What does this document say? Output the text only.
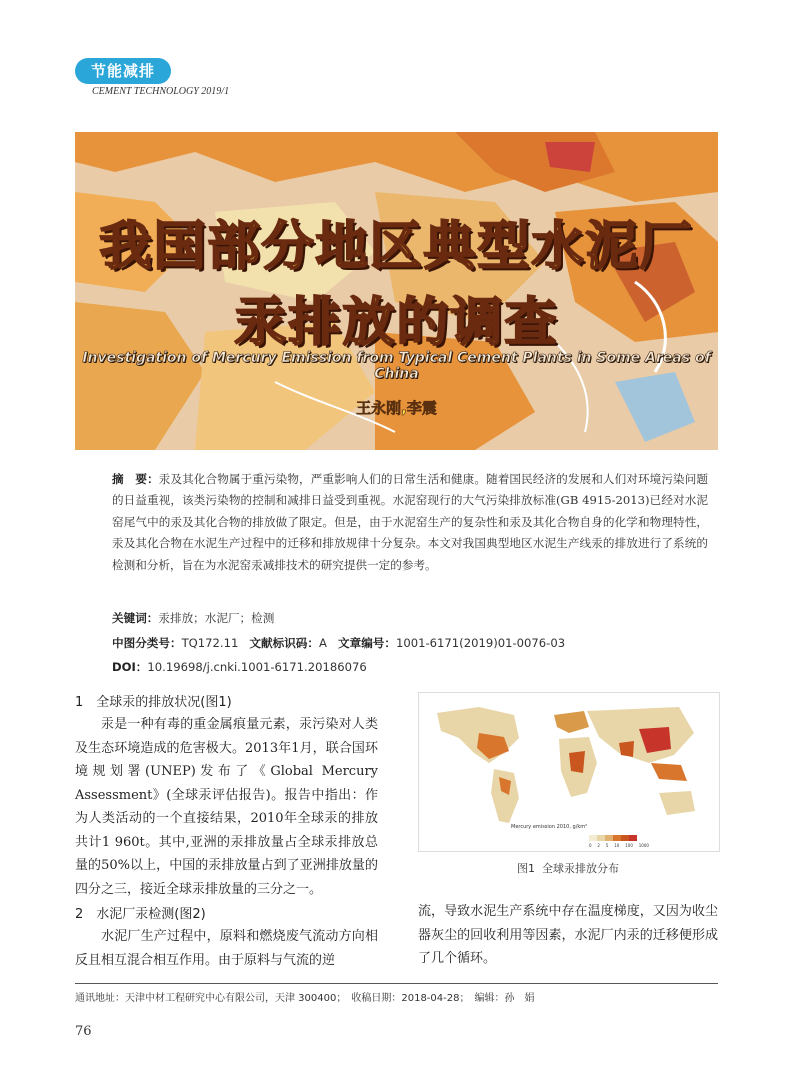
节能减排
CEMENT TECHNOLOGY 2019/1
我国部分地区典型水泥厂
汞排放的调查
Investigation of Mercury Emission from Typical Cement Plants in Some Areas of China
王永刚,李震
摘　要：汞及其化合物属于重污染物，严重影响人们的日常生活和健康。随着国民经济的发展和人们对环境污染问题的日益重视，该类污染物的控制和减排日益受到重视。水泥窑现行的大气污染排放标准(GB 4915-2013)已经对水泥窑尾气中的汞及其化合物的排放做了限定。但是，由于水泥窑生产的复杂性和汞及其化合物自身的化学和物理特性，汞及其化合物在水泥生产过程中的迁移和排放规律十分复杂。本文对我国典型地区水泥生产线汞的排放进行了系统的检测和分析，旨在为水泥窑汞减排技术的研究提供一定的参考。
关键词：汞排放；水泥厂；检测
中图分类号：TQ172.11 文献标识码：A 文章编号：1001-6171(2019)01-0076-03
DOI：10.19698/j.cnki.1001-6171.20186076
1　全球汞的排放状况(图1)
汞是一种有毒的重金属痕量元素，汞污染对人类及生态环境造成的危害极大。2013年1月，联合国环境规划署(UNEP)发布了《Global Mercury Assessment》(全球汞评估报告)。报告中指出：作为人类活动的一个直接结果，2010年全球汞的排放共计1 960t。其中,亚洲的汞排放量占全球汞排放总量的50%以上，中国的汞排放量占到了亚洲排放量的四分之三，接近全球汞排放量的三分之一。
2　水泥厂汞检测(图2)
水泥厂生产过程中，原料和燃烧废气流动方向相反且相互混合相互作用。由于原料与气流的逆
Mercury emission 2010, g/km²
0 2 5 10 100 1000
图1 全球汞排放分布
流，导致水泥生产系统中存在温度梯度，又因为收尘器灰尘的回收利用等因素，水泥厂内汞的迁移便形成了几个循环。
通讯地址：天津中材工程研究中心有限公司，天津 300400；　收稿日期：2018-04-28；　编辑：孙　娟
76
